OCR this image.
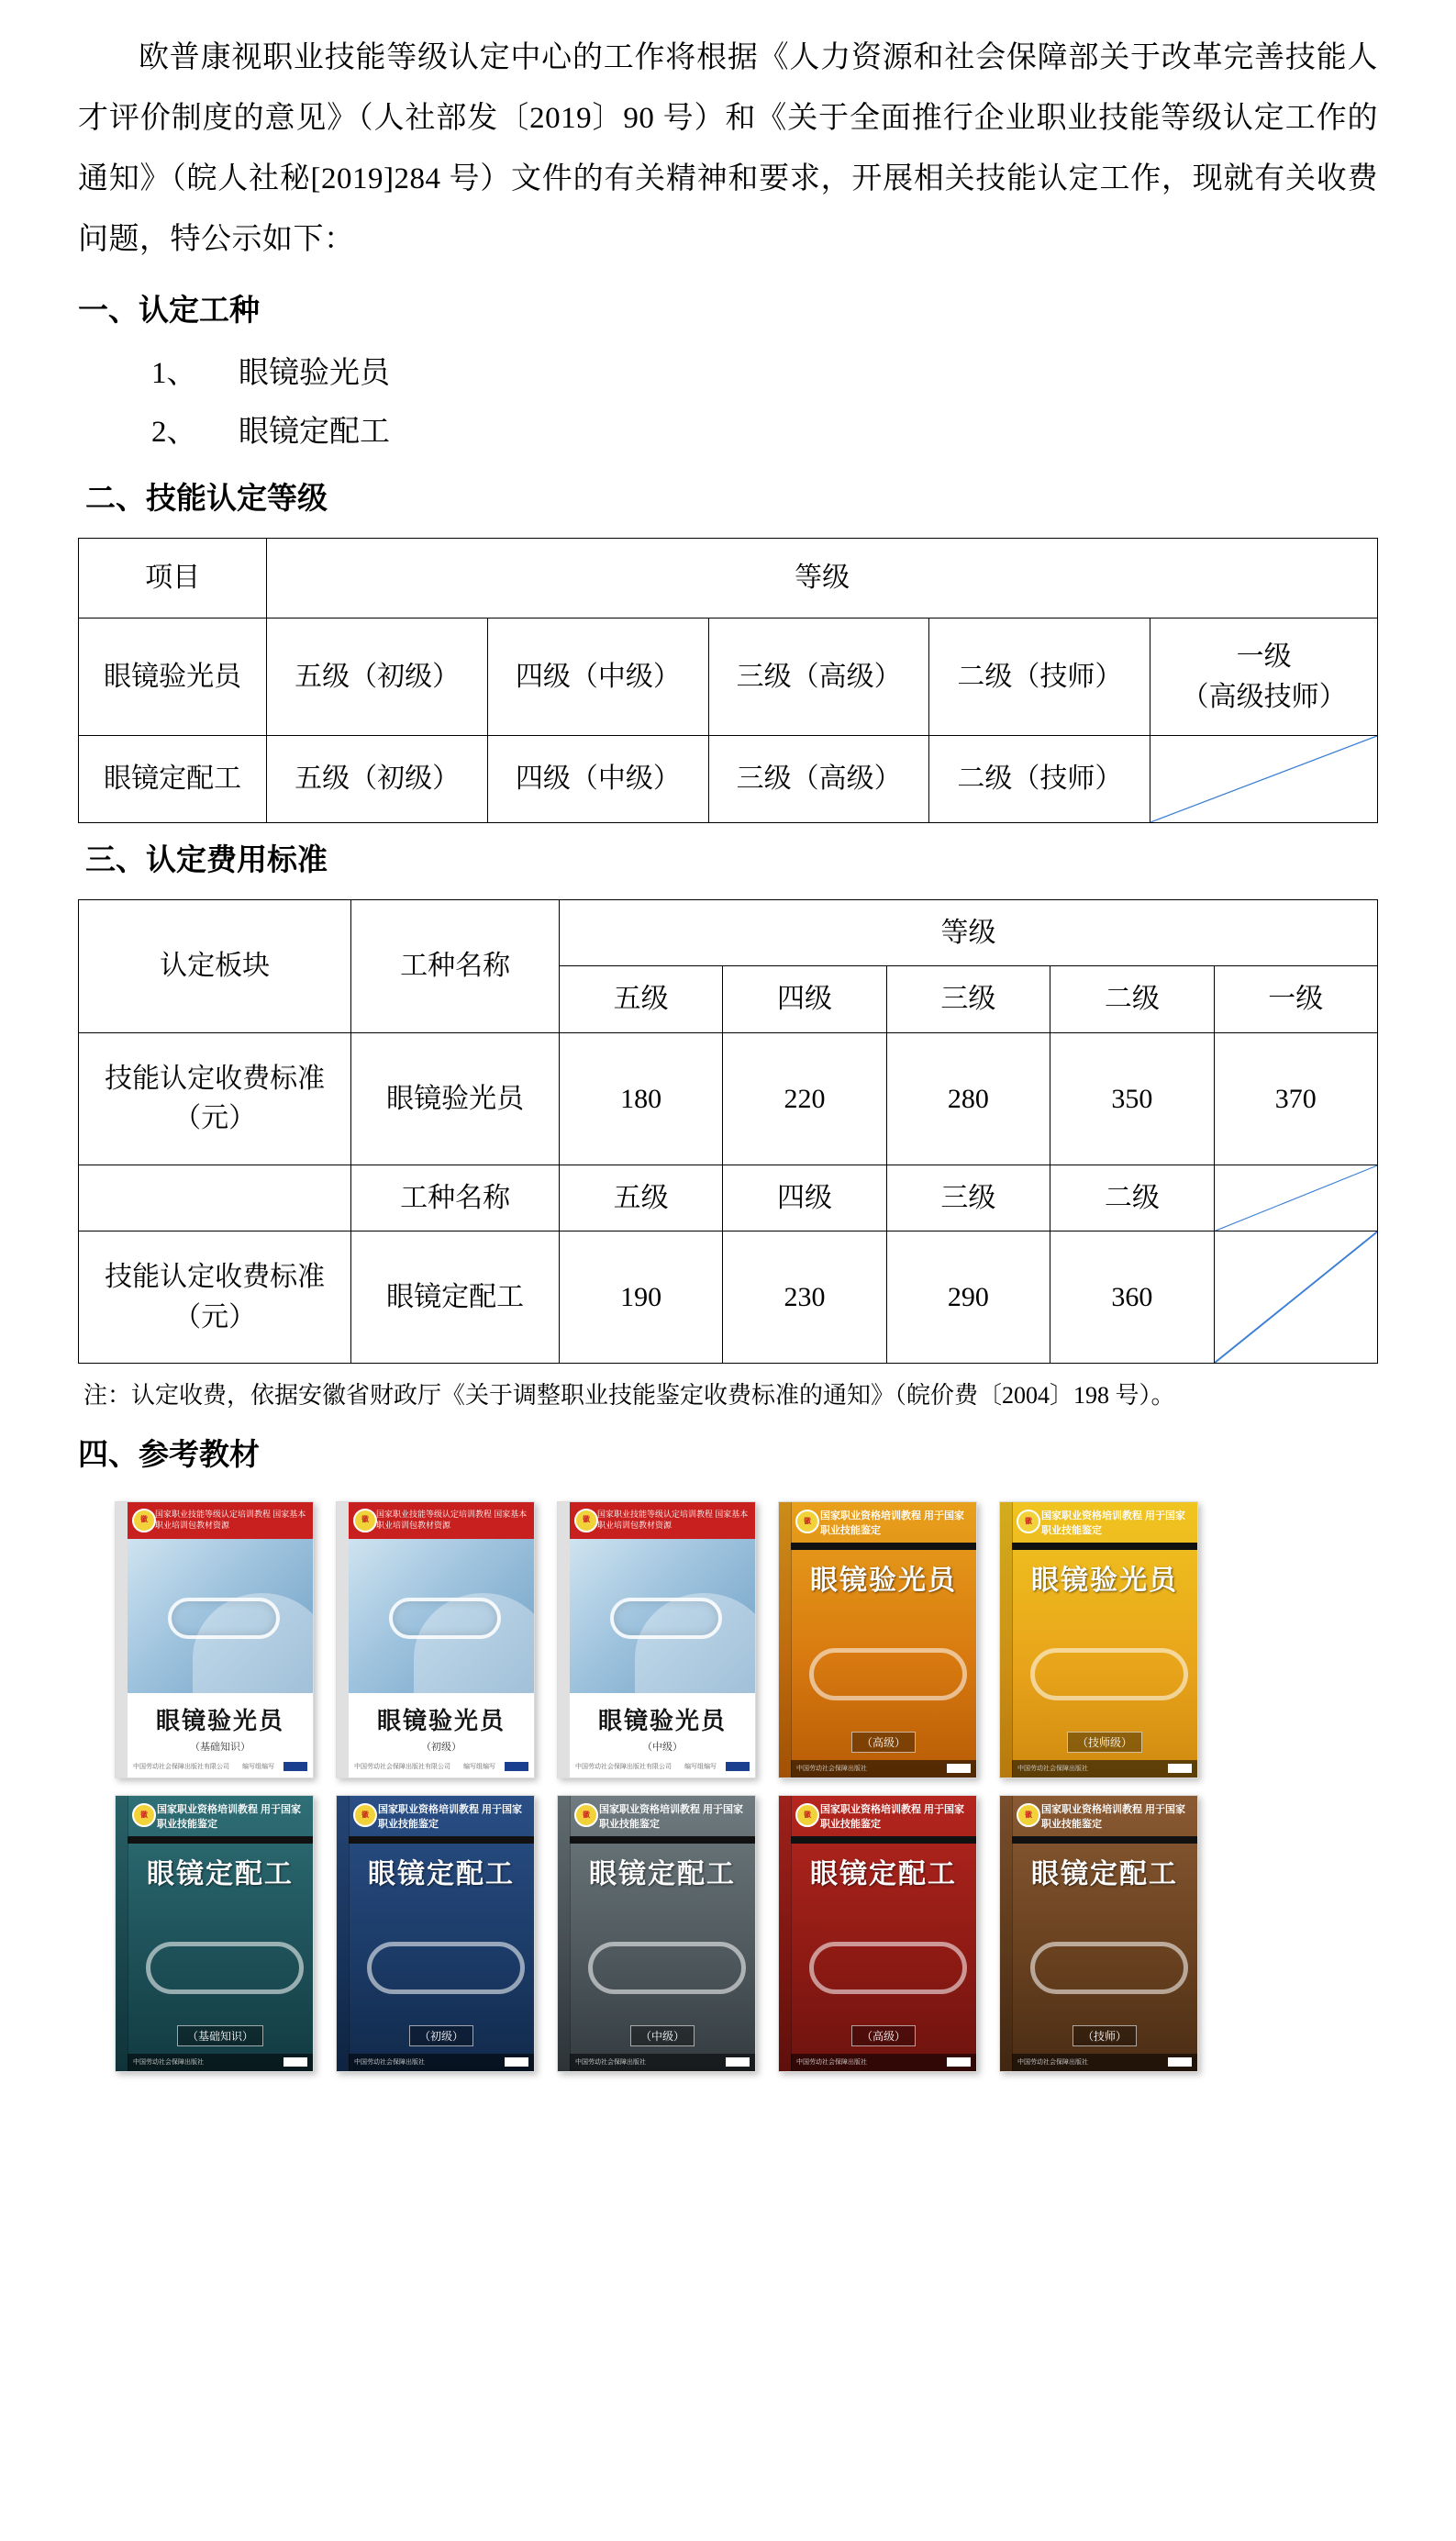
欧普康视职业技能等级认定中心的工作将根据《人力资源和社会保障部关于改革完善技能人才评价制度的意见》（人社部发〔2019〕90 号）和《关于全面推行企业职业技能等级认定工作的通知》（皖人社秘[2019]284 号）文件的有关精神和要求，开展相关技能认定工作，现就有关收费问题，特公示如下：

一、认定工种
1、 眼镜验光员
2、 眼镜定配工
二、技能认定等级
项目	等级				
眼镜验光员	五级（初级）	四级（中级）	三级（高级）	二级（技师）	一级
（高级技师）

眼镜定配工	五级（初级）	四级（中级）	三级（高级）	二级（技师）	
三、认定费用标准
认定板块	工种名称	等级				
		五级	四级	三级	二级	一级

技能认定收费标准
（元）	眼镜验光员	180	220	280	350	370
	工种名称	五级	四级	三级	二级	

技能认定收费标准
（元）	眼镜定配工	190	230	290	360	
注：认定收费，依据安徽省财政厅《关于调整职业技能鉴定收费标准的通知》（皖价费〔2004〕198 号）。
四、参考教材
徽
国家职业技能等级认定培训教程 国家基本职业培训包教材资源
眼镜验光员
（基础知识）
中国劳动社会保障出版社有限公司　　编写组编写
徽
国家职业技能等级认定培训教程 国家基本职业培训包教材资源
眼镜验光员
（初级）
中国劳动社会保障出版社有限公司　　编写组编写
徽
国家职业技能等级认定培训教程 国家基本职业培训包教材资源
眼镜验光员
（中级）
中国劳动社会保障出版社有限公司　　编写组编写
徽 国家职业资格培训教程 用于国家职业技能鉴定
眼镜验光员
（高级）
中国劳动社会保障出版社
徽 国家职业资格培训教程 用于国家职业技能鉴定
眼镜验光员
（技师级）
中国劳动社会保障出版社
徽 国家职业资格培训教程 用于国家职业技能鉴定
眼镜定配工
（基础知识）
中国劳动社会保障出版社
徽 国家职业资格培训教程 用于国家职业技能鉴定
眼镜定配工
（初级）
中国劳动社会保障出版社
徽 国家职业资格培训教程 用于国家职业技能鉴定
眼镜定配工
（中级）
中国劳动社会保障出版社
徽 国家职业资格培训教程 用于国家职业技能鉴定
眼镜定配工
（高级）
中国劳动社会保障出版社
徽 国家职业资格培训教程 用于国家职业技能鉴定
眼镜定配工
（技师）
中国劳动社会保障出版社
